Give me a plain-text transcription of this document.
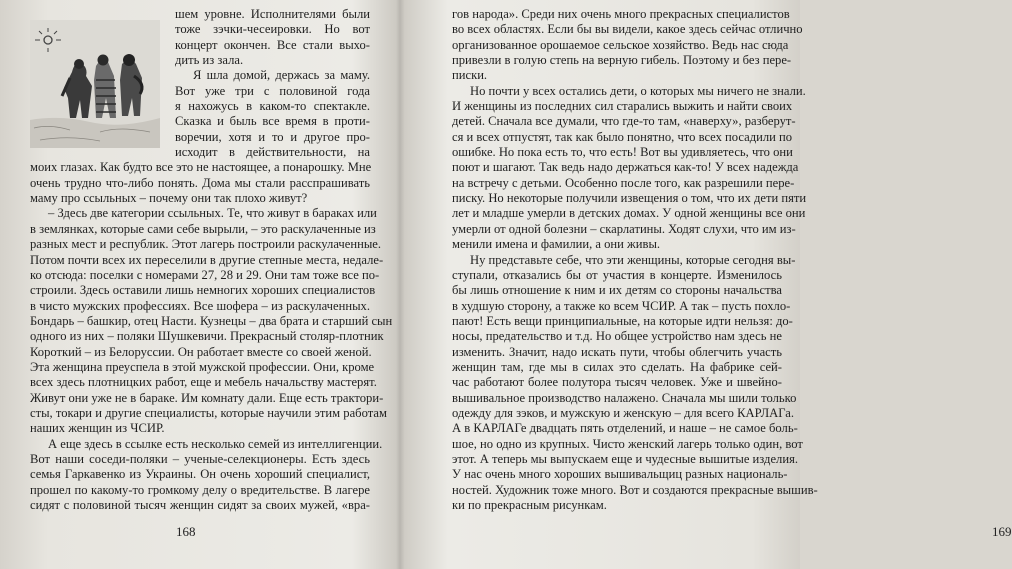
шем уровне. Исполнителями были
тоже зэчки-чесеировки. Но вот
концерт окончен. Все стали выхо-
дить из зала.
Я шла домой, держась за маму.
Вот уже три с половиной года
я нахожусь в каком-то спектакле.
Сказка и быль все время в проти-
воречии, хотя и то и другое про-
исходит в действительности, на
моих глазах. Как будто все это не настоящее, а понарошку. Мне
очень трудно что-либо понять. Дома мы стали расспрашивать
маму про ссыльных – почему они так плохо живут?
– Здесь две категории ссыльных. Те, что живут в бараках или
в землянках, которые сами себе вырыли, – это раскулаченные из
разных мест и республик. Этот лагерь построили раскулаченные.
Потом почти всех их переселили в другие степные места, недале-
ко отсюда: поселки с номерами 27, 28 и 29. Они там тоже все по-
строили. Здесь оставили лишь немногих хороших специалистов
в чисто мужских профессиях. Все шофера – из раскулаченных.
Бондарь – башкир, отец Насти. Кузнецы – два брата и старший сын
одного из них – поляки Шушкевичи. Прекрасный столяр-плотник
Короткий – из Белоруссии. Он работает вместе со своей женой.
Эта женщина преуспела в этой мужской профессии. Они, кроме
всех здесь плотницких работ, еще и мебель начальству мастерят.
Живут они уже не в бараке. Им комнату дали. Еще есть трактори-
сты, токари и другие специалисты, которые научили этим работам
наших женщин из ЧСИР.
А еще здесь в ссылке есть несколько семей из интеллигенции.
Вот наши соседи-поляки – ученые-селекционеры. Есть здесь
семья Гаркавенко из Украины. Он очень хороший специалист,
прошел по какому-то громкому делу о вредительстве. В лагере
сидят с половиной тысяч женщин сидят за своих мужей, «вра-
168
гов народа». Среди них очень много прекрасных специалистов
во всех областях. Если бы вы видели, какое здесь сейчас отлично
организованное орошаемое сельское хозяйство. Ведь нас сюда
привезли в голую степь на верную гибель. Поэтому и без пере-
писки.
Но почти у всех остались дети, о которых мы ничего не знали.
И женщины из последних сил старались выжить и найти своих
детей. Сначала все думали, что где-то там, «наверху», разберут-
ся и всех отпустят, так как было понятно, что всех посадили по
ошибке. Но пока есть то, что есть! Вот вы удивляетесь, что они
поют и шагают. Так ведь надо держаться как-то! У всех надежда
на встречу с детьми. Особенно после того, как разрешили пере-
писку. Но некоторые получили извещения о том, что их дети пяти
лет и младше умерли в детских домах. У одной женщины все они
умерли от одной болезни – скарлатины. Ходят слухи, что им из-
менили имена и фамилии, а они живы.
Ну представьте себе, что эти женщины, которые сегодня вы-
ступали, отказались бы от участия в концерте. Изменилось
бы лишь отношение к ним и их детям со стороны начальства
в худшую сторону, а также ко всем ЧСИР. А так – пусть похло-
пают! Есть вещи принципиальные, на которые идти нельзя: до-
носы, предательство и т.д. Но общее устройство нам здесь не
изменить. Значит, надо искать пути, чтобы облегчить участь
женщин там, где мы в силах это сделать. На фабрике сей-
час работают более полутора тысяч человек. Уже и швейно-
вышивальное производство налажено. Сначала мы шили только
одежду для зэков, и мужскую и женскую – для всего КАРЛАГа.
А в КАРЛАГе двадцать пять отделений, и наше – не самое боль-
шое, но одно из крупных. Чисто женский лагерь только один, вот
этот. А теперь мы выпускаем еще и чудесные вышитые изделия.
У нас очень много хороших вышивальщиц разных националь-
ностей. Художник тоже много. Вот и создаются прекрасные вышив-
ки по прекрасным рисункам.
169
